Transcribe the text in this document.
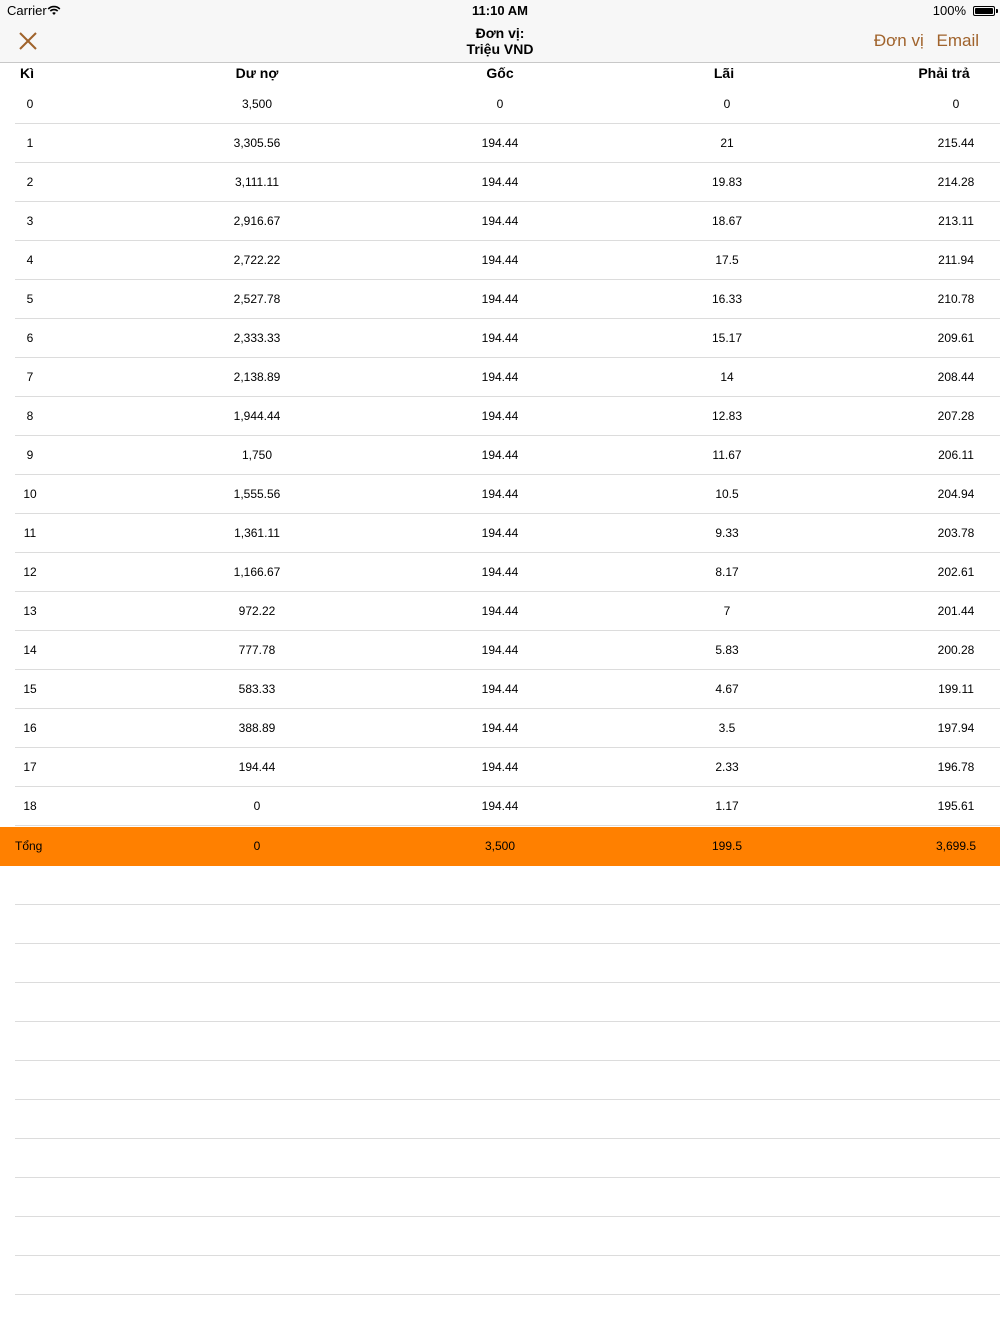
Carrier	11:10 AM	100%
Đơn vị:
Triệu VND	Đơn vị Email
Kì	Dư nợ	Gốc	Lãi	Phải trả
0	3,500	0	0	0
1	3,305.56	194.44	21	215.44
2	3,111.11	194.44	19.83	214.28
3	2,916.67	194.44	18.67	213.11
4	2,722.22	194.44	17.5	211.94
5	2,527.78	194.44	16.33	210.78
6	2,333.33	194.44	15.17	209.61
7	2,138.89	194.44	14	208.44
8	1,944.44	194.44	12.83	207.28
9	1,750	194.44	11.67	206.11
10	1,555.56	194.44	10.5	204.94
11	1,361.11	194.44	9.33	203.78
12	1,166.67	194.44	8.17	202.61
13	972.22	194.44	7	201.44
14	777.78	194.44	5.83	200.28
15	583.33	194.44	4.67	199.11
16	388.89	194.44	3.5	197.94
17	194.44	194.44	2.33	196.78
18	0	194.44	1.17	195.61
Tổng	0	3,500	199.5	3,699.5
